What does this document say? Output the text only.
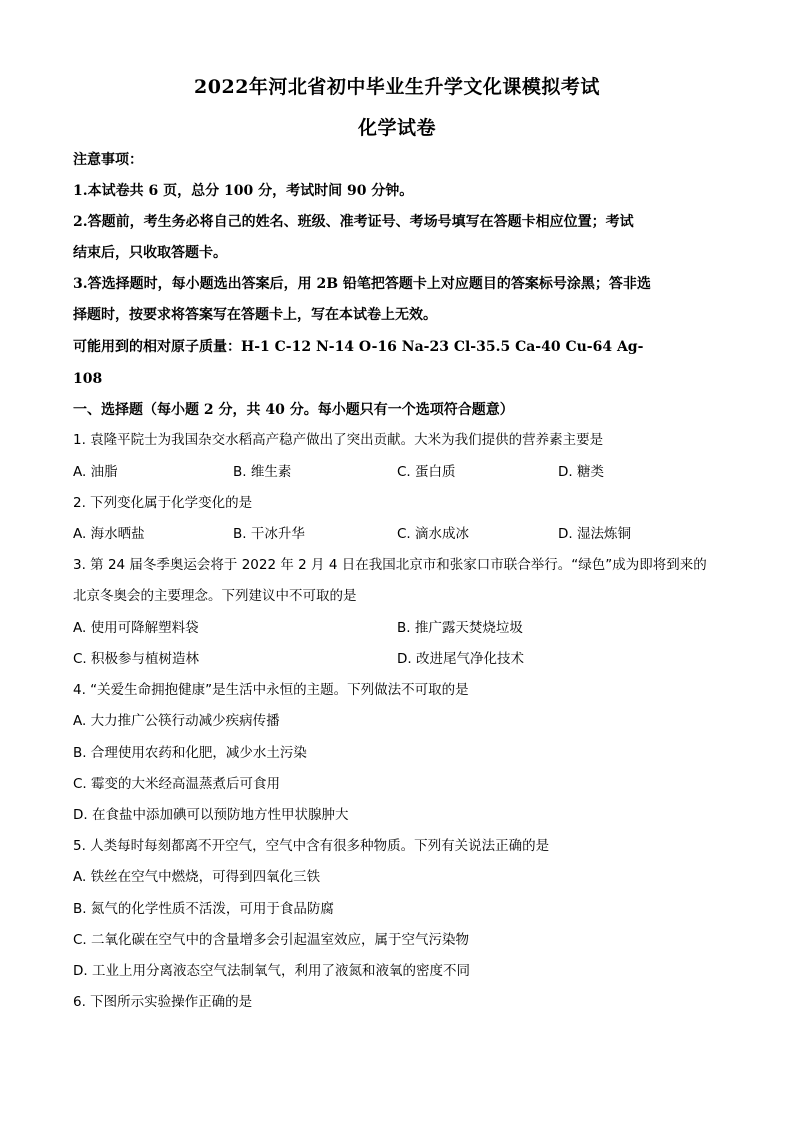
2022年河北省初中毕业生升学文化课模拟考试
化学试卷
注意事项：
1.本试卷共 6 页，总分 100 分，考试时间 90 分钟。
2.答题前，考生务必将自己的姓名、班级、准考证号、考场号填写在答题卡相应位置；考试
结束后，只收取答题卡。
3.答选择题时，每小题选出答案后，用 2B 铅笔把答题卡上对应题目的答案标号涂黑；答非选
择题时，按要求将答案写在答题卡上，写在本试卷上无效。
可能用到的相对原子质量：H-1 C-12 N-14 O-16 Na-23 Cl-35.5 Ca-40 Cu-64 Ag-
108
一、选择题（每小题 2 分，共 40 分。每小题只有一个选项符合题意）
1. 袁隆平院士为我国杂交水稻高产稳产做出了突出贡献。大米为我们提供的营养素主要是
A. 油脂	B. 维生素	C. 蛋白质	D. 糖类
2. 下列变化属于化学变化的是
A. 海水晒盐	B. 干冰升华	C. 滴水成冰	D. 湿法炼铜
3. 第 24 届冬季奥运会将于 2022 年 2 月 4 日在我国北京市和张家口市联合举行。“绿色”成为即将到来的
北京冬奥会的主要理念。下列建议中不可取的是
A. 使用可降解塑料袋	B. 推广露天焚烧垃圾
C. 积极参与植树造林	D. 改进尾气净化技术
4. “关爱生命拥抱健康”是生活中永恒的主题。下列做法不可取的是
A. 大力推广公筷行动减少疾病传播
B. 合理使用农药和化肥，减少水土污染
C. 霉变的大米经高温蒸煮后可食用
D. 在食盐中添加碘可以预防地方性甲状腺肿大
5. 人类每时每刻都离不开空气，空气中含有很多种物质。下列有关说法正确的是
A. 铁丝在空气中燃烧，可得到四氧化三铁
B. 氮气的化学性质不活泼，可用于食品防腐
C. 二氧化碳在空气中的含量增多会引起温室效应，属于空气污染物
D. 工业上用分离液态空气法制氧气，利用了液氮和液氧的密度不同
6. 下图所示实验操作正确的是
